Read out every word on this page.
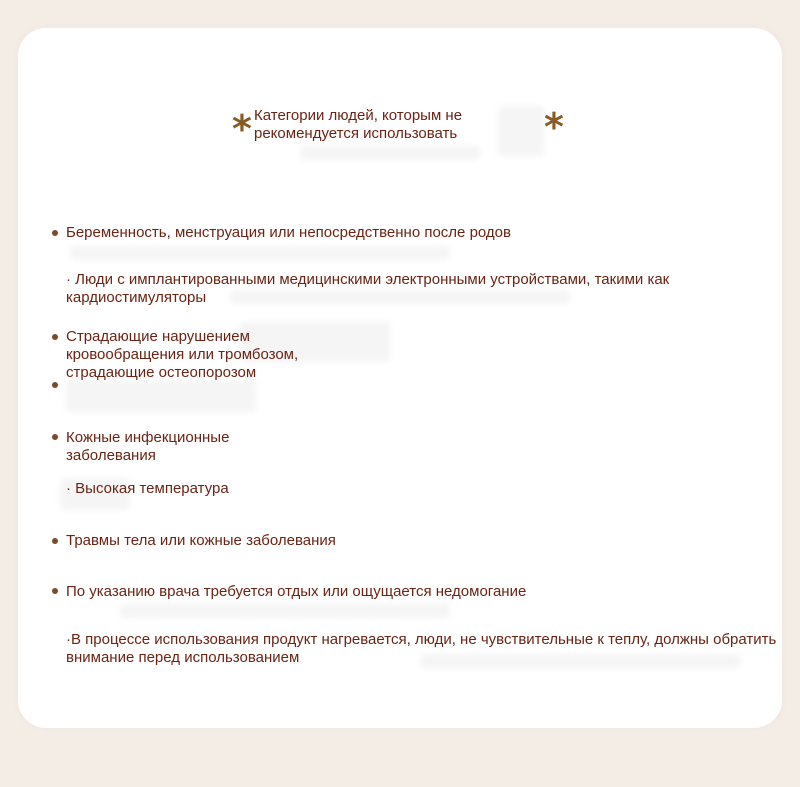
* Категории людей, которым не рекомендуется использовать	*
Беременность, менструация или непосредственно после родов
· Люди с имплантированными медицинскими электронными устройствами, такими как кардиостимуляторы
Страдающие нарушением
кровообращения или тромбозом,
страдающие остеопорозом
Кожные инфекционные
заболевания
· Высокая температура
Травмы тела или кожные заболевания
По указанию врача требуется отдых или ощущается недомогание
·В процессе использования продукт нагревается, люди, не чувствительные к теплу, должны обратить внимание перед использованием
